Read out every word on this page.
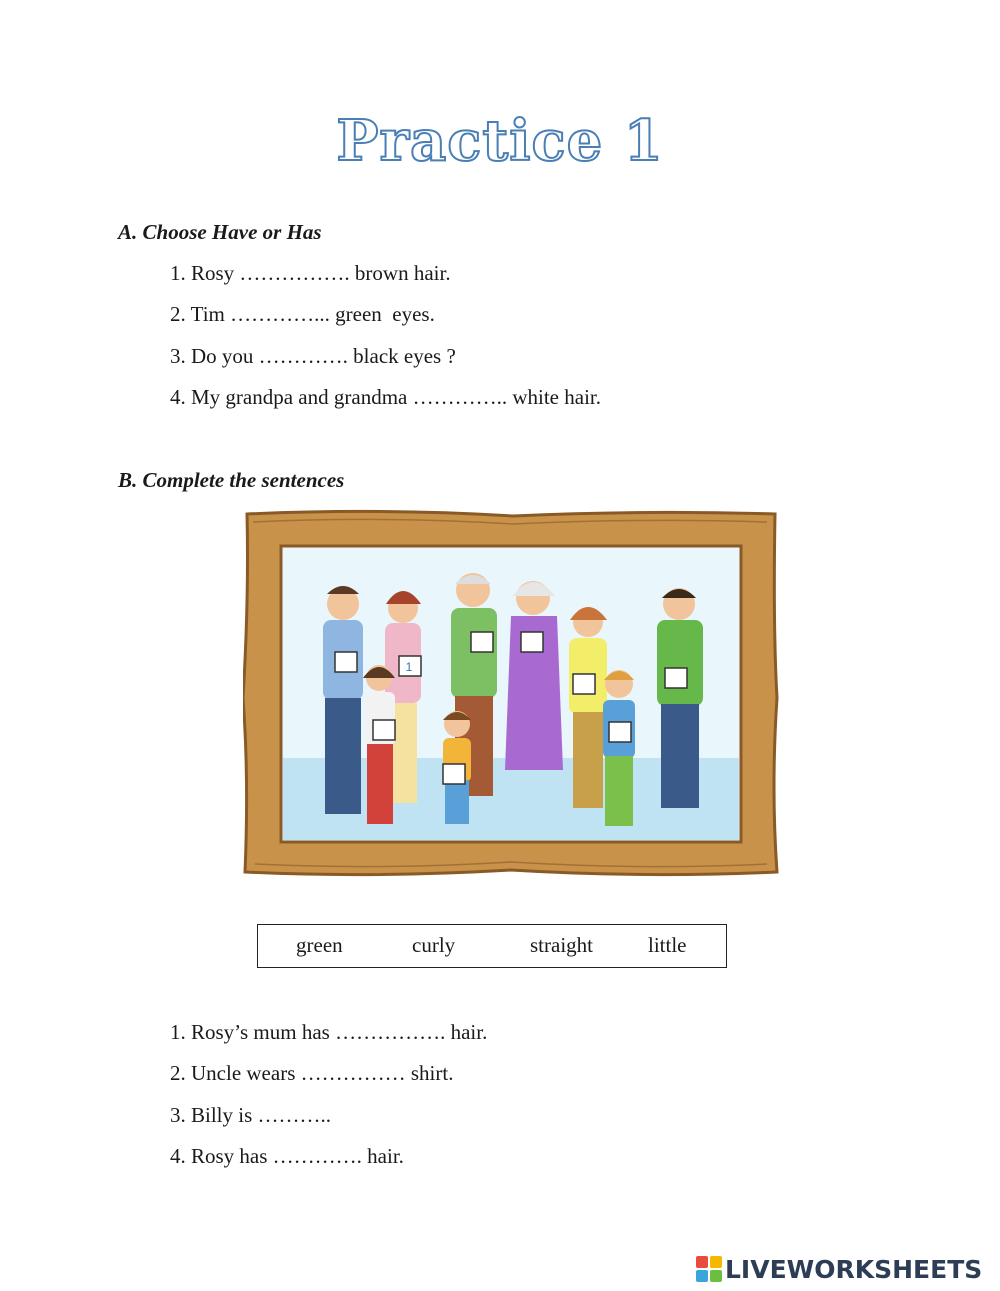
Practice 1
A. Choose Have or Has
1. Rosy ……………. brown hair.
2. Tim …………... green  eyes.
3. Do you …………. black eyes ?
4. My grandpa and grandma ………….. white hair.
B. Complete the sentences
1
green	curly	straight	little
1. Rosy’s mum has ……………. hair.
2. Uncle wears …………… shirt.
3. Billy is ………..
4. Rosy has …………. hair.
LIVEWORKSHEETS
